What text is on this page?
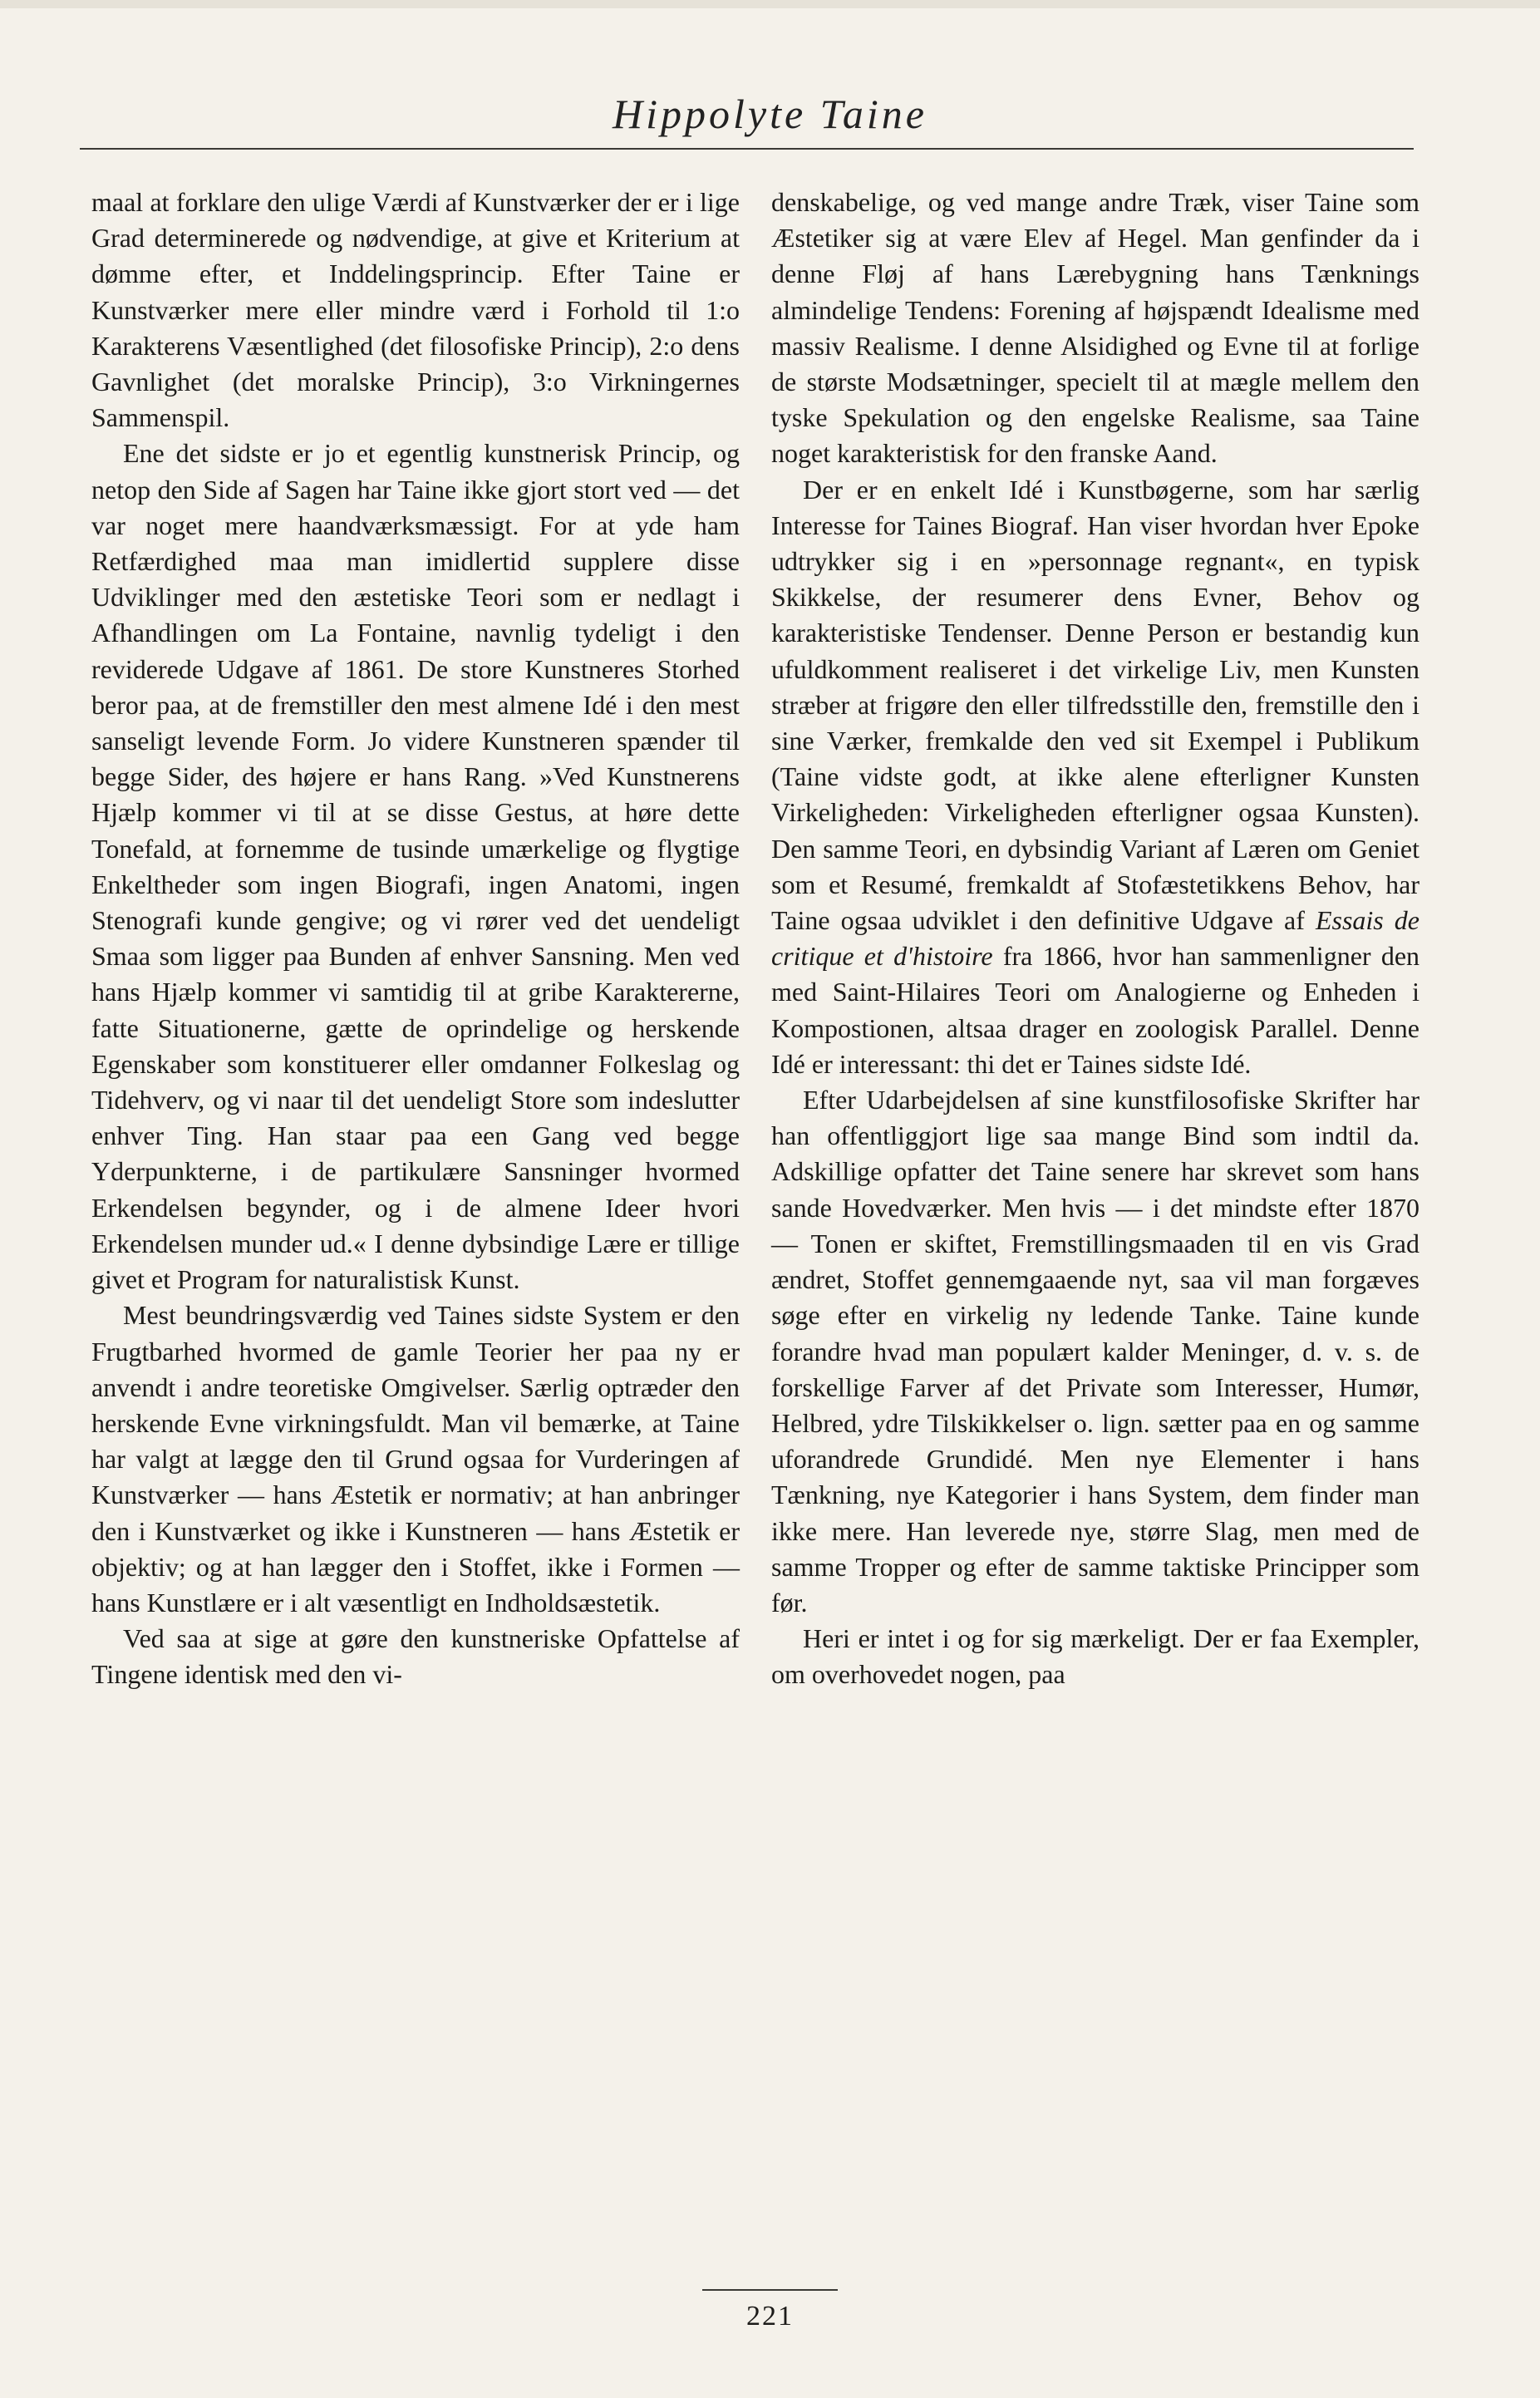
Hippolyte Taine

maal at forklare den ulige Værdi af Kunstværker der er i lige Grad determinerede og nødvendige, at give et Kriterium at dømme efter, et Inddelingsprincip. Efter Taine er Kunstværker mere eller mindre værd i Forhold til 1:o Karakterens Væsentlighed (det filosofiske Princip), 2:o dens Gavnlighet (det moralske Princip), 3:o Virkningernes Sammenspil.

Ene det sidste er jo et egentlig kunstnerisk Princip, og netop den Side af Sagen har Taine ikke gjort stort ved — det var noget mere haandværksmæssigt. For at yde ham Retfærdighed maa man imidlertid supplere disse Udviklinger med den æstetiske Teori som er nedlagt i Afhandlingen om La Fontaine, navnlig tydeligt i den reviderede Udgave af 1861. De store Kunstneres Storhed beror paa, at de fremstiller den mest almene Idé i den mest sanseligt levende Form. Jo videre Kunstneren spænder til begge Sider, des højere er hans Rang. »Ved Kunstnerens Hjælp kommer vi til at se disse Gestus, at høre dette Tonefald, at fornemme de tusinde umærkelige og flygtige Enkeltheder som ingen Biografi, ingen Anatomi, ingen Stenografi kunde gengive; og vi rører ved det uendeligt Smaa som ligger paa Bunden af enhver Sansning. Men ved hans Hjælp kommer vi samtidig til at gribe Karaktererne, fatte Situationerne, gætte de oprindelige og herskende Egenskaber som konstituerer eller omdanner Folkeslag og Tidehverv, og vi naar til det uendeligt Store som indeslutter enhver Ting. Han staar paa een Gang ved begge Yderpunkterne, i de partikulære Sansninger hvormed Erkendelsen begynder, og i de almene Ideer hvori Erkendelsen munder ud.« I denne dybsindige Lære er tillige givet et Program for naturalistisk Kunst.

Mest beundringsværdig ved Taines sidste System er den Frugtbarhed hvormed de gamle Teorier her paa ny er anvendt i andre teoretiske Omgivelser. Særlig optræder den herskende Evne virkningsfuldt. Man vil bemærke, at Taine har valgt at lægge den til Grund ogsaa for Vurderingen af Kunstværker — hans Æstetik er normativ; at han anbringer den i Kunstværket og ikke i Kunstneren — hans Æstetik er objektiv; og at han lægger den i Stoffet, ikke i Formen — hans Kunstlære er i alt væsentligt en Indholdsæstetik.

Ved saa at sige at gøre den kunstneriske Opfattelse af Tingene identisk med den vi-

denskabelige, og ved mange andre Træk, viser Taine som Æstetiker sig at være Elev af Hegel. Man genfinder da i denne Fløj af hans Lærebygning hans Tænknings almindelige Tendens: Forening af højspændt Idealisme med massiv Realisme. I denne Alsidighed og Evne til at forlige de største Modsætninger, specielt til at mægle mellem den tyske Spekulation og den engelske Realisme, saa Taine noget karakteristisk for den franske Aand.

Der er en enkelt Idé i Kunstbøgerne, som har særlig Interesse for Taines Biograf. Han viser hvordan hver Epoke udtrykker sig i en »personnage regnant«, en typisk Skikkelse, der resumerer dens Evner, Behov og karakteristiske Tendenser. Denne Person er bestandig kun ufuldkomment realiseret i det virkelige Liv, men Kunsten stræber at frigøre den eller tilfredsstille den, fremstille den i sine Værker, fremkalde den ved sit Exempel i Publikum (Taine vidste godt, at ikke alene efterligner Kunsten Virkeligheden: Virkeligheden efterligner ogsaa Kunsten). Den samme Teori, en dybsindig Variant af Læren om Geniet som et Resumé, fremkaldt af Stofæstetikkens Behov, har Taine ogsaa udviklet i den definitive Udgave af Essais de critique et d'histoire fra 1866, hvor han sammenligner den med Saint-Hilaires Teori om Analogierne og Enheden i Kompostionen, altsaa drager en zoologisk Parallel. Denne Idé er interessant: thi det er Taines sidste Idé.

Efter Udarbejdelsen af sine kunstfilosofiske Skrifter har han offentliggjort lige saa mange Bind som indtil da. Adskillige opfatter det Taine senere har skrevet som hans sande Hovedværker. Men hvis — i det mindste efter 1870 — Tonen er skiftet, Fremstillingsmaaden til en vis Grad ændret, Stoffet gennemgaaende nyt, saa vil man forgæves søge efter en virkelig ny ledende Tanke. Taine kunde forandre hvad man populært kalder Meninger, d. v. s. de forskellige Farver af det Private som Interesser, Humør, Helbred, ydre Tilskikkelser o. lign. sætter paa en og samme uforandrede Grundidé. Men nye Elementer i hans Tænkning, nye Kategorier i hans System, dem finder man ikke mere. Han leverede nye, større Slag, men med de samme Tropper og efter de samme taktiske Principper som før.

Heri er intet i og for sig mærkeligt. Der er faa Exempler, om overhovedet nogen, paa

221
